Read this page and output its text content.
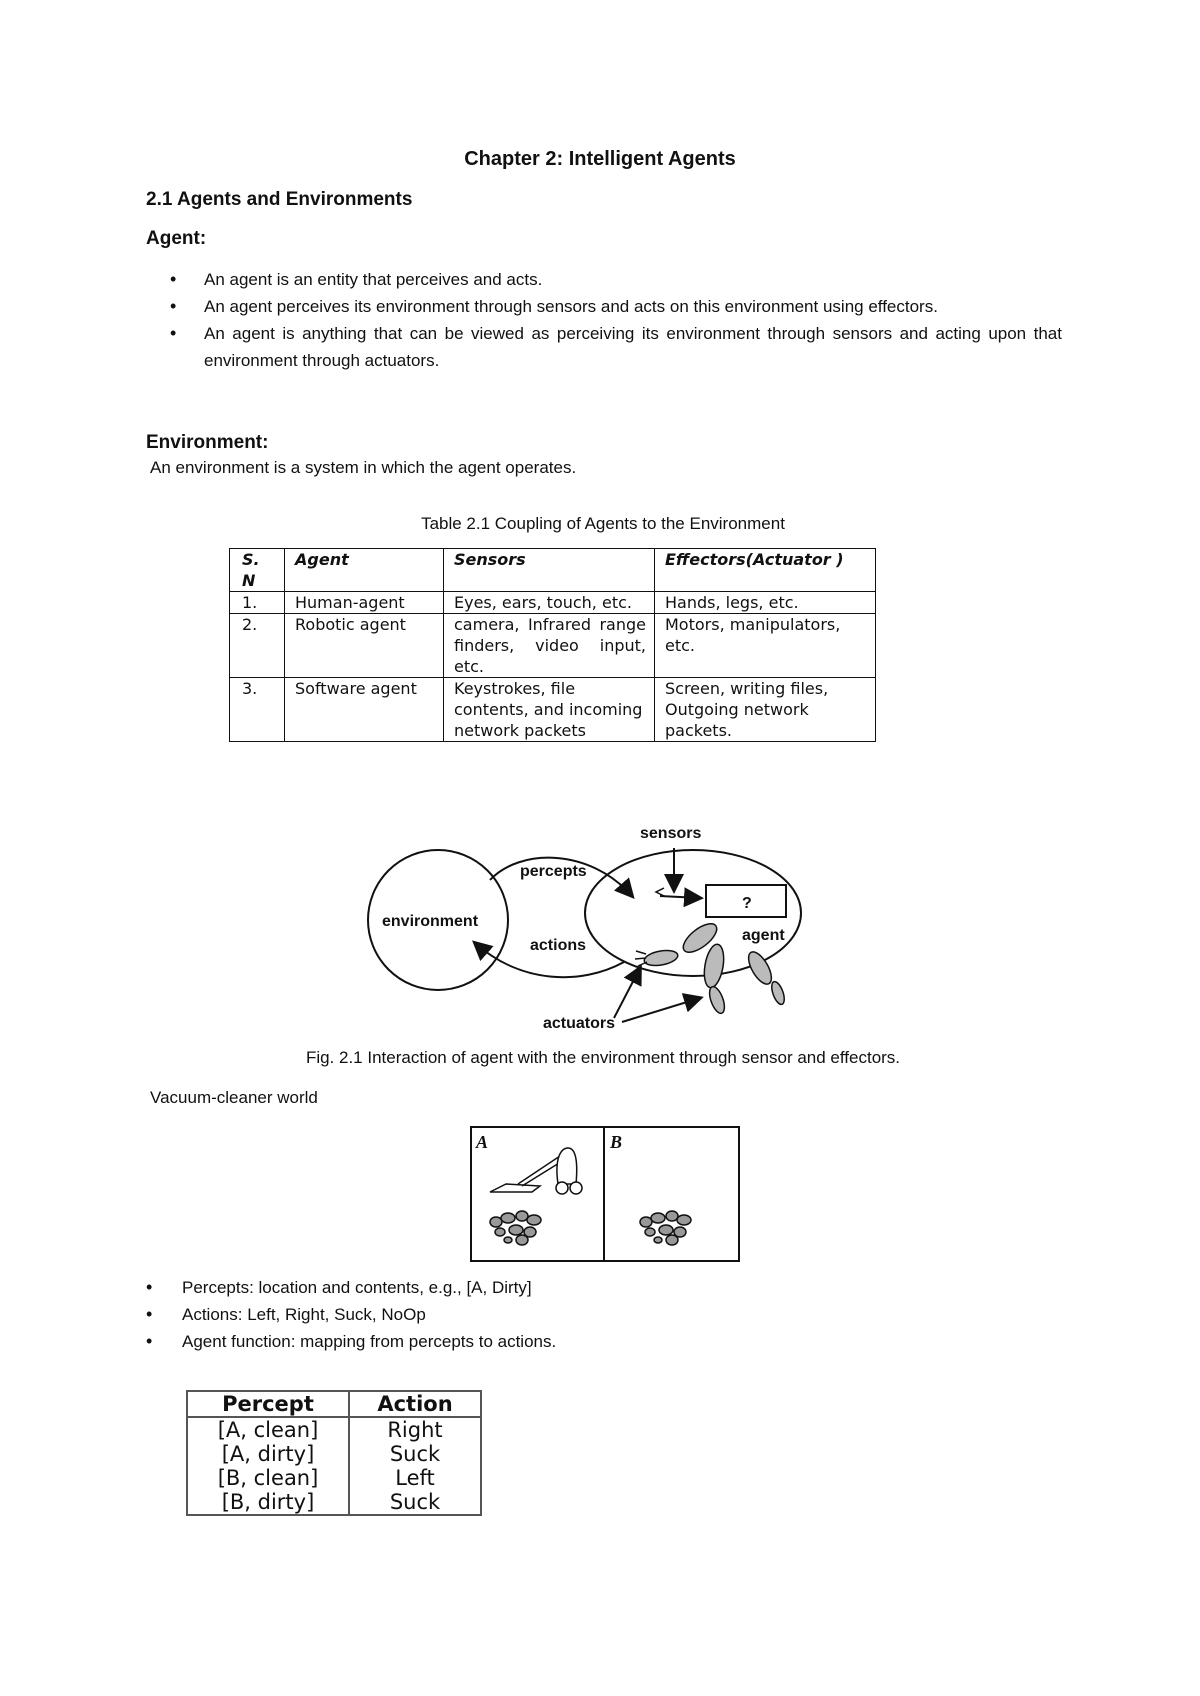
Chapter 2: Intelligent Agents
2.1 Agents and Environments
Agent:
• An agent is an entity that perceives and acts.
• An agent perceives its environment through sensors and acts on this environment using effectors.
• An agent is anything that can be viewed as perceiving its environment through sensors and acting upon that environment through actuators.
Environment:
An environment is a system in which the agent operates.
Table 2.1 Coupling of Agents to the Environment
S. N	Agent	Sensors	Effectors(Actuator )
1.	Human-agent	Eyes, ears, touch, etc.	Hands, legs, etc.
2.	Robotic agent	camera, Infrared range finders, video input, etc.	Motors, manipulators, etc.
3.	Software agent	Keystrokes, file contents, and incoming network packets	Screen, writing files, Outgoing network packets.
sensors
percepts
environment
?
agent
actions
actuators
Fig. 2.1 Interaction of agent with the environment through sensor and effectors.
Vacuum-cleaner world
A	B
• Percepts: location and contents, e.g., [A, Dirty]
• Actions: Left, Right, Suck, NoOp
• Agent function: mapping from percepts to actions.
Percept	Action
[A, clean]	Right
[A, dirty]	Suck
[B, clean]	Left
[B, dirty]	Suck
